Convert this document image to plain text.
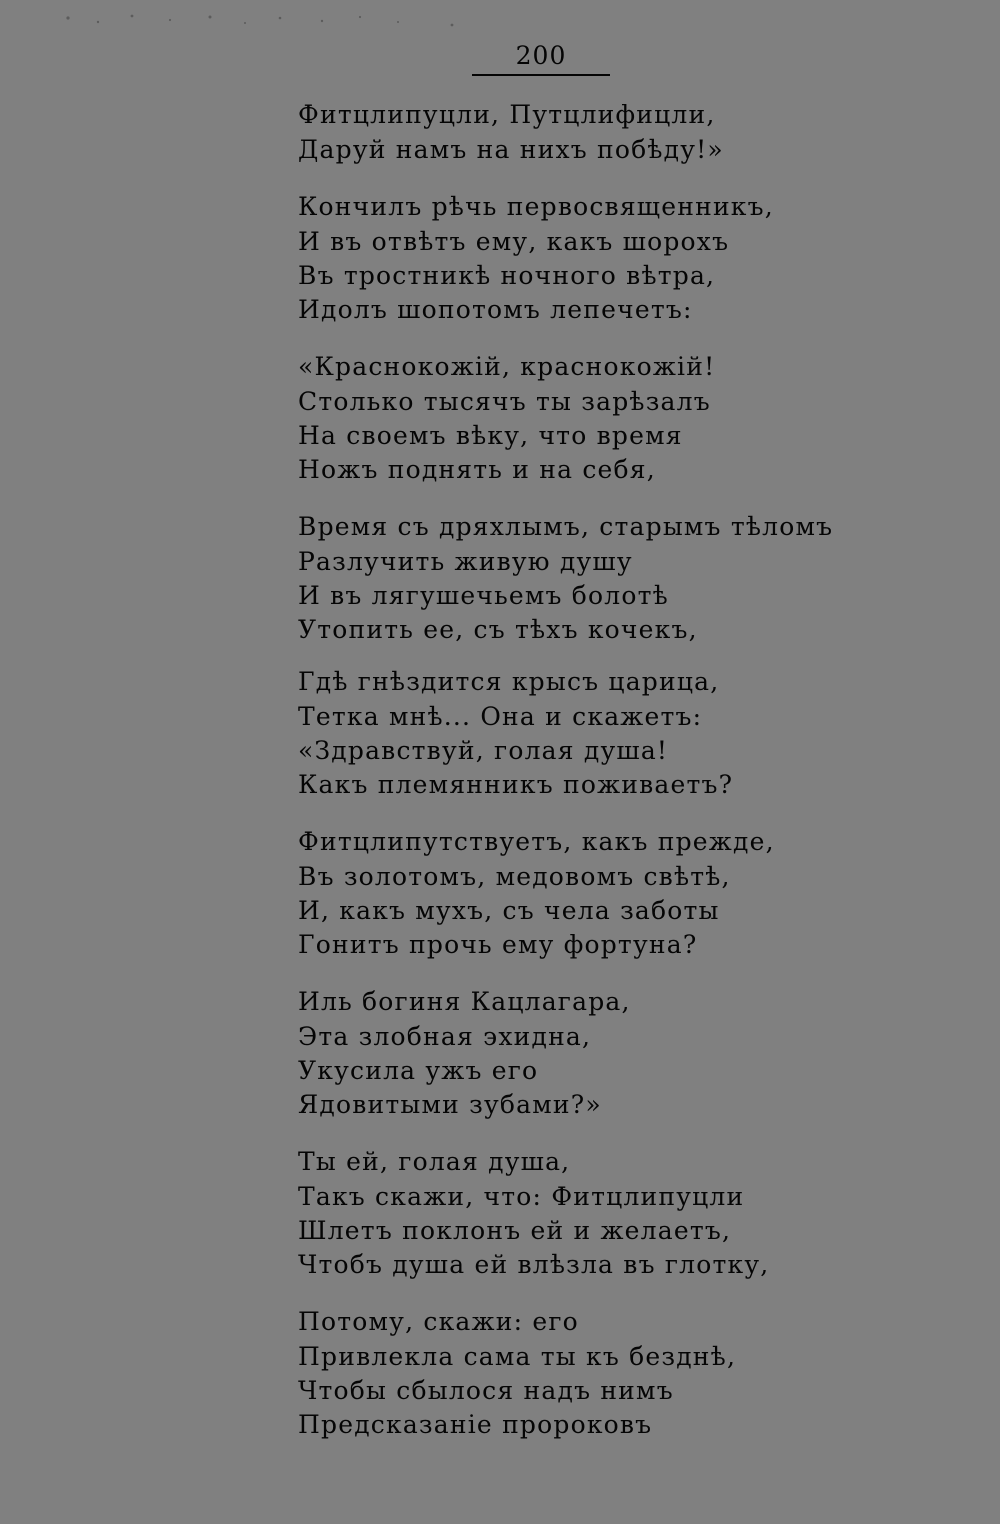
200
Фитцлипуцли, Путцлифицли,
Даруй намъ на нихъ побѣду!»
Кончилъ рѣчь первосвященникъ,
И въ отвѣтъ ему, какъ шорохъ
Въ тростникѣ ночного вѣтра,
Идолъ шопотомъ лепечетъ:
«Краснокожій, краснокожій!
Столько тысячъ ты зарѣзалъ
На своемъ вѣку, что время
Ножъ поднять и на себя,
Время съ дряхлымъ, старымъ тѣломъ
Разлучить живую душу
И въ лягушечьемъ болотѣ
Утопить ее, съ тѣхъ кочекъ,
Гдѣ гнѣздится крысъ царица,
Тетка мнѣ... Она и скажетъ:
«Здравствуй, голая душа!
Какъ племянникъ поживаетъ?
Фитцлипутствуетъ, какъ прежде,
Въ золотомъ, медовомъ свѣтѣ,
И, какъ мухъ, съ чела заботы
Гонитъ прочь ему фортуна?
Иль богиня Кацлагара,
Эта злобная эхидна,
Укусила ужъ его
Ядовитыми зубами?»
Ты ей, голая душа,
Такъ скажи, что: Фитцлипуцли
Шлетъ поклонъ ей и желаетъ,
Чтобъ душа ей влѣзла въ глотку,
Потому, скажи: его
Привлекла сама ты къ безднѣ,
Чтобы сбылося надъ нимъ
Предсказаніе пророковъ
